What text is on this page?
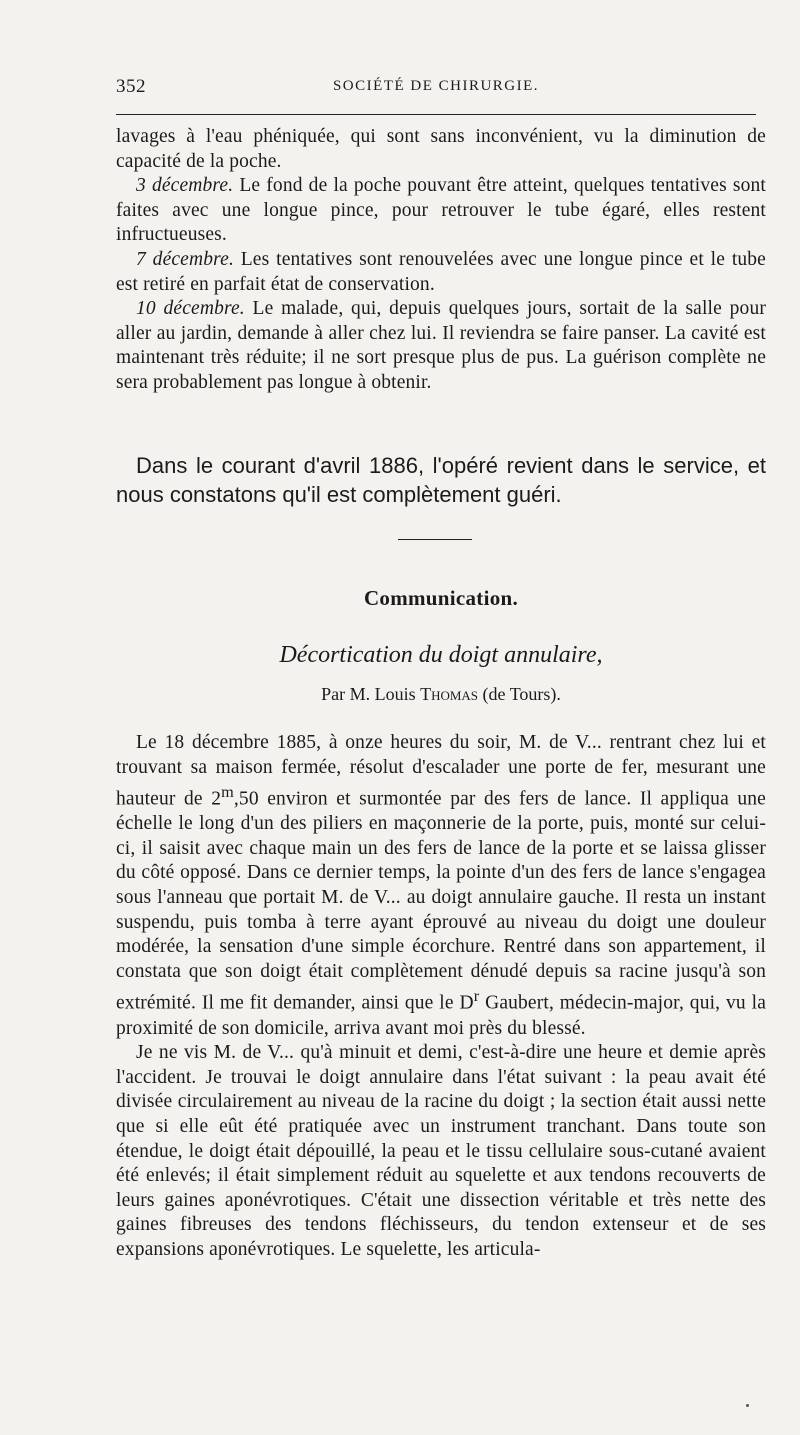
352	SOCIÉTÉ DE CHIRURGIE.

lavages à l'eau phéniquée, qui sont sans inconvénient, vu la diminution de capacité de la poche.

3 décembre. Le fond de la poche pouvant être atteint, quelques tentatives sont faites avec une longue pince, pour retrouver le tube égaré, elles restent infructueuses.

7 décembre. Les tentatives sont renouvelées avec une longue pince et le tube est retiré en parfait état de conservation.

10 décembre. Le malade, qui, depuis quelques jours, sortait de la salle pour aller au jardin, demande à aller chez lui. Il reviendra se faire panser. La cavité est maintenant très réduite; il ne sort presque plus de pus. La guérison complète ne sera probablement pas longue à obtenir.

Dans le courant d'avril 1886, l'opéré revient dans le service, et nous constatons qu'il est complètement guéri.

Communication.
Décortication du doigt annulaire,
Par M. Louis Thomas (de Tours).

Le 18 décembre 1885, à onze heures du soir, M. de V... rentrant chez lui et trouvant sa maison fermée, résolut d'escalader une porte de fer, mesurant une hauteur de 2$^m$,50 environ et surmontée par des fers de lance. Il appliqua une échelle le long d'un des piliers en maçonnerie de la porte, puis, monté sur celui-ci, il saisit avec chaque main un des fers de lance de la porte et se laissa glisser du côté opposé. Dans ce dernier temps, la pointe d'un des fers de lance s'engagea sous l'anneau que portait M. de V... au doigt annulaire gauche. Il resta un instant suspendu, puis tomba à terre ayant éprouvé au niveau du doigt une douleur modérée, la sensation d'une simple écorchure. Rentré dans son appartement, il constata que son doigt était complètement dénudé depuis sa racine jusqu'à son extrémité. Il me fit demander, ainsi que le $D^r$ Gaubert, médecin-major, qui, vu la proximité de son domicile, arriva avant moi près du blessé.

Je ne vis M. de V... qu'à minuit et demi, c'est-à-dire une heure et demie après l'accident. Je trouvai le doigt annulaire dans l'état suivant : la peau avait été divisée circulairement au niveau de la racine du doigt ; la section était aussi nette que si elle eût été pratiquée avec un instrument tranchant. Dans toute son étendue, le doigt était dépouillé, la peau et le tissu cellulaire sous-cutané avaient été enlevés; il était simplement réduit au squelette et aux tendons recouverts de leurs gaines aponévrotiques. C'était une dissection véritable et très nette des gaines fibreuses des tendons fléchisseurs, du tendon extenseur et de ses expansions aponévrotiques. Le squelette, les articula-
